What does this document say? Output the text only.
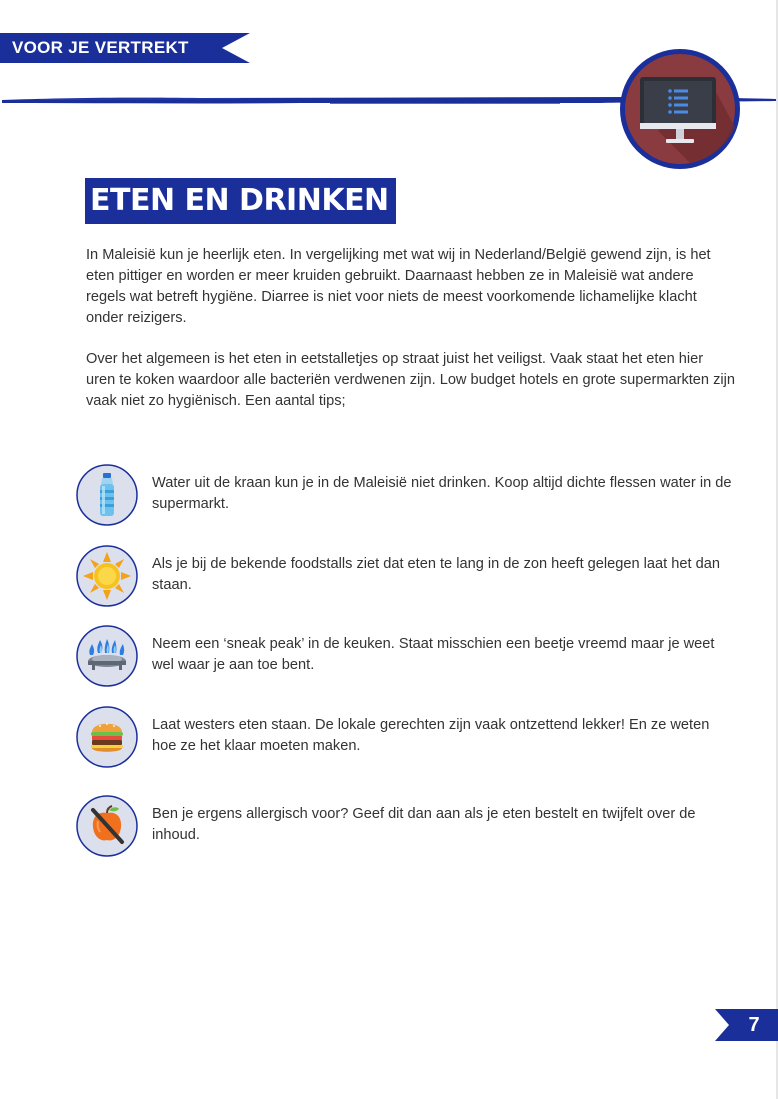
VOOR JE VERTREKT
ETEN EN DRINKEN

In Maleisië kun je heerlijk eten. In vergelijking met wat wij in Nederland/België gewend zijn, is het eten pittiger en worden er meer kruiden gebruikt. Daarnaast hebben ze in Maleisië wat andere regels wat betreft hygiëne. Diarree is niet voor niets de meest voorkomende lichamelijke klacht onder reizigers.

Over het algemeen is het eten in eetstalletjes op straat juist het veiligst. Vaak staat het eten hier uren te koken waardoor alle bacteriën verdwenen zijn. Low budget hotels en grote supermarkten zijn vaak niet zo hygiënisch. Een aantal tips;

Water uit de kraan kun je in de Maleisië niet drinken. Koop altijd dichte flessen water in de supermarkt.
Als je bij de bekende foodstalls ziet dat eten te lang in de zon heeft gelegen laat het dan staan.
Neem een ‘sneak peak’ in de keuken. Staat misschien een beetje vreemd maar je weet wel waar je aan toe bent.
Laat westers eten staan. De lokale gerechten zijn vaak ontzettend lekker! En ze weten hoe ze het klaar moeten maken.
Ben je ergens allergisch voor? Geef dit dan aan als je eten bestelt en twijfelt over de inhoud.
7
